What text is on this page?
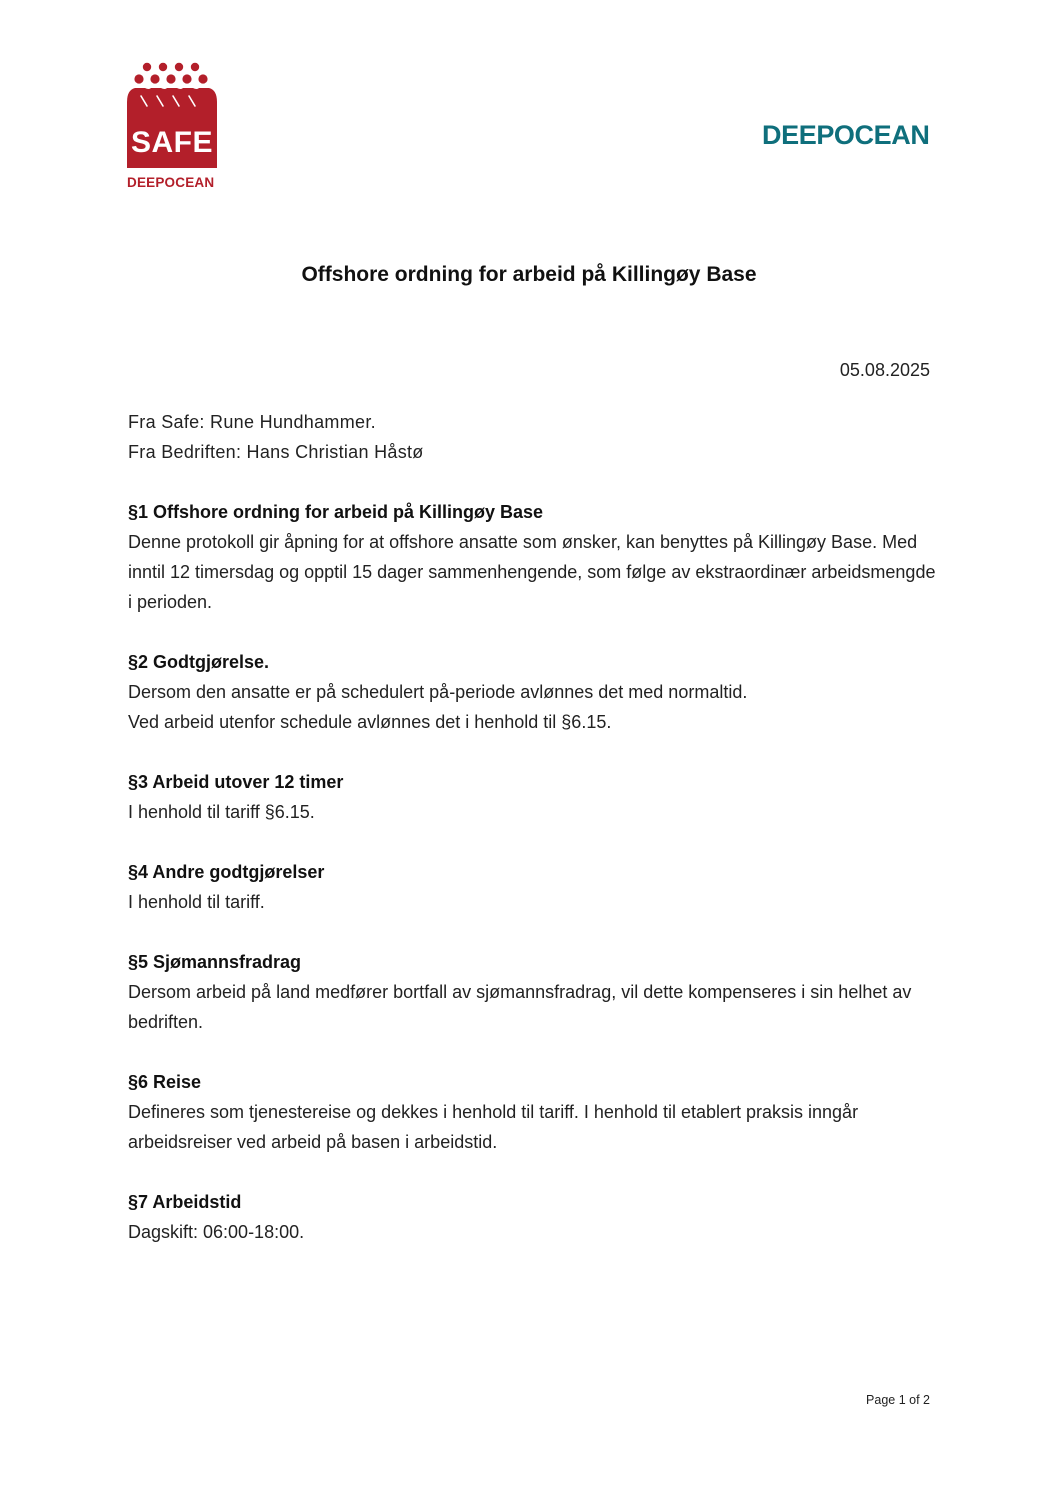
SAFE
DEEPOCEAN
DEEPOCEAN
Offshore ordning for arbeid på Killingøy Base
05.08.2025
Fra Safe: Rune Hundhammer.
Fra Bedriften: Hans Christian Håstø
§1 Offshore ordning for arbeid på Killingøy Base

Denne protokoll gir åpning for at offshore ansatte som ønsker, kan benyttes på Killingøy Base. Med inntil 12 timersdag og opptil 15 dager sammenhengende, som følge av ekstraordinær arbeidsmengde i perioden.

§2 Godtgjørelse.

Dersom den ansatte er på schedulert på-periode avlønnes det med normaltid.

Ved arbeid utenfor schedule avlønnes det i henhold til §6.15.

§3 Arbeid utover 12 timer

I henhold til tariff §6.15.

§4 Andre godtgjørelser

I henhold til tariff.

§5 Sjømannsfradrag

Dersom arbeid på land medfører bortfall av sjømannsfradrag, vil dette kompenseres i sin helhet av bedriften.

§6 Reise

Defineres som tjenestereise og dekkes i henhold til tariff. I henhold til etablert praksis inngår arbeidsreiser ved arbeid på basen i arbeidstid.

§7 Arbeidstid

Dagskift: 06:00-18:00.

Page 1 of 2
